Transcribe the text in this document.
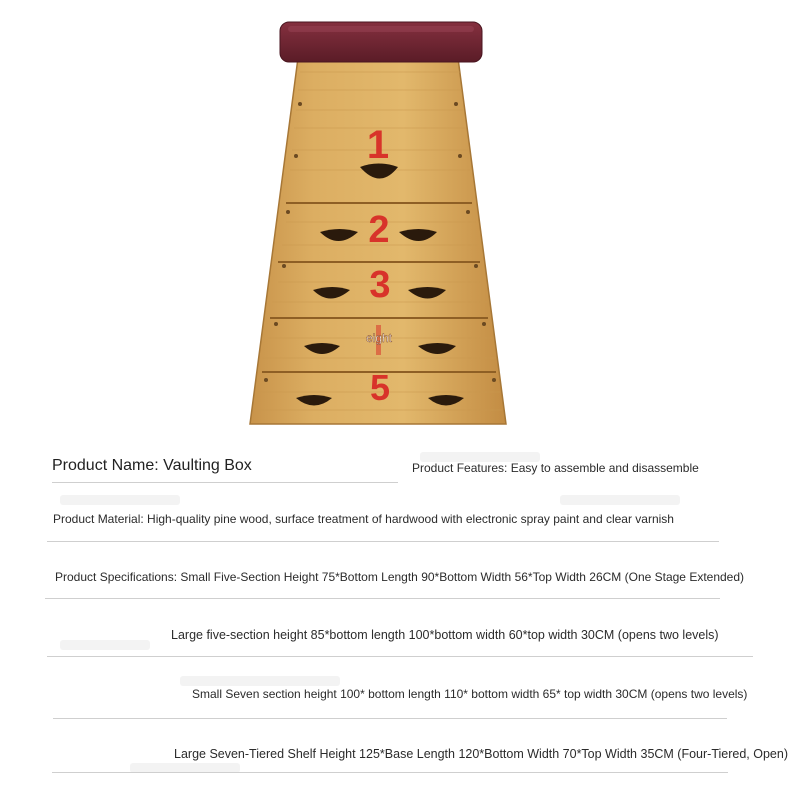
1
2
3
5
eight
Product Name: Vaulting Box	Product Features: Easy to assemble and disassemble
Product Material: High-quality pine wood, surface treatment of hardwood with electronic spray paint and clear varnish
Product Specifications: Small Five-Section Height 75*Bottom Length 90*Bottom Width 56*Top Width 26CM (One Stage Extended)
Large five-section height 85*bottom length 100*bottom width 60*top width 30CM (opens two levels)
Small Seven section height 100* bottom length 110* bottom width 65* top width 30CM (opens two levels)
Large Seven-Tiered Shelf Height 125*Base Length 120*Bottom Width 70*Top Width 35CM (Four-Tiered, Open)
